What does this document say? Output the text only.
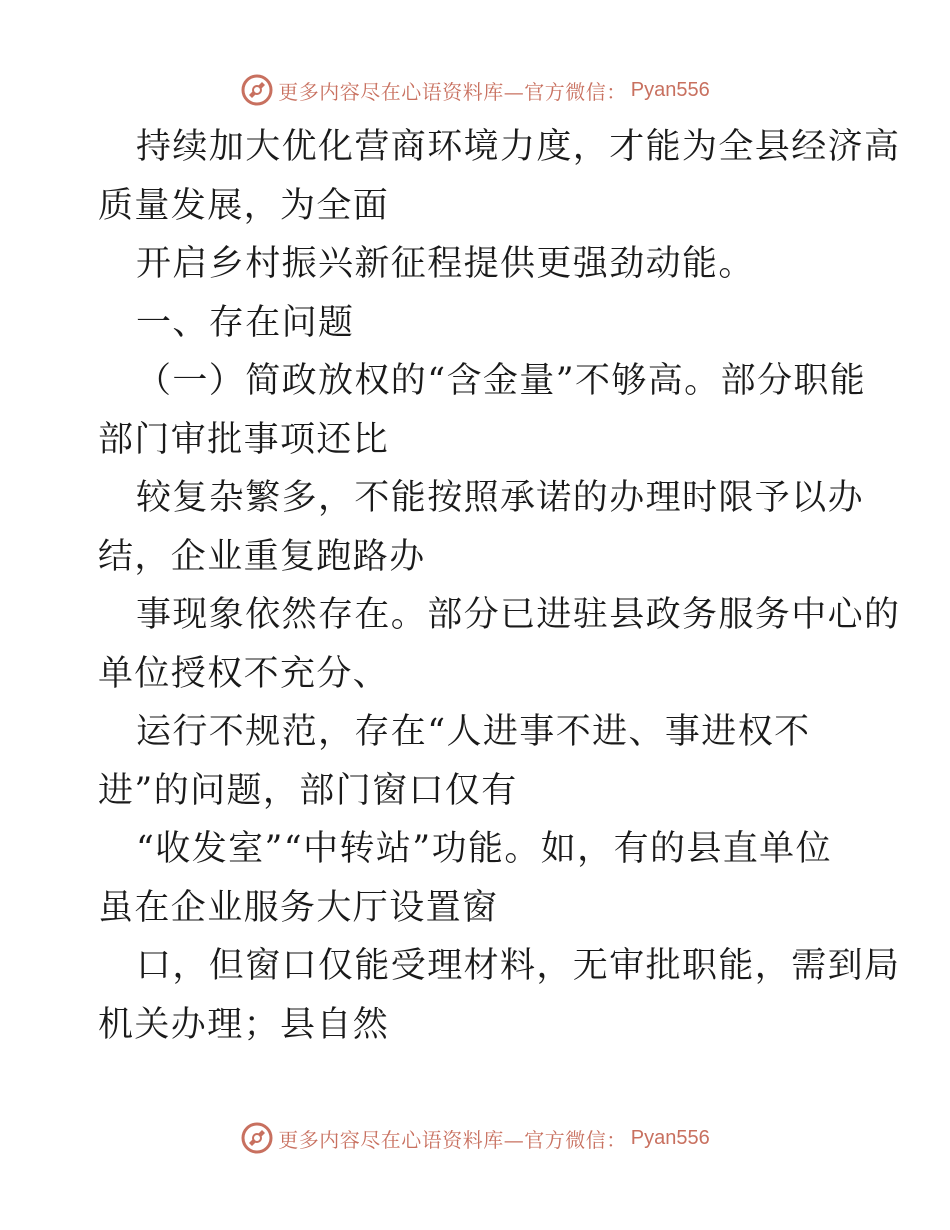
更多内容尽在心语资料库—官方微信： Pyan556
持续加大优化营商环境力度，才能为全县经济高
质量发展，为全面
开启乡村振兴新征程提供更强劲动能。
一、存在问题
（一）简政放权的“含金量”不够高。部分职能
部门审批事项还比
较复杂繁多，不能按照承诺的办理时限予以办
结，企业重复跑路办
事现象依然存在。部分已进驻县政务服务中心的
单位授权不充分、
运行不规范，存在“人进事不进、事进权不
进”的问题，部门窗口仅有
“收发室”“中转站”功能。如，有的县直单位
虽在企业服务大厅设置窗
口，但窗口仅能受理材料，无审批职能，需到局
机关办理；县自然
更多内容尽在心语资料库—官方微信： Pyan556
